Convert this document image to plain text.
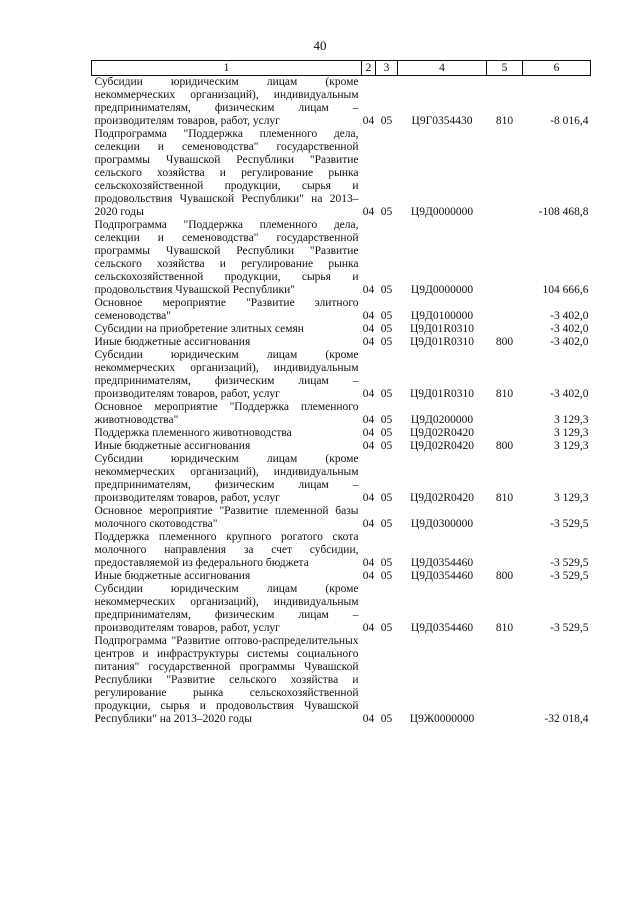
40
1	2	3	4	5	6
Субсидии юридическим лицам (кроме некоммерческих организаций), индивидуальным предпринимателям, физическим лицам – производителям товаров, работ, услуг	04	05	Ц9Г0354430	810	-8 016,4
Подпрограмма "Поддержка племенного дела, селекции и семеноводства" государственной программы Чувашской Республики "Развитие сельского хозяйства и регулирование рынка сельскохозяйственной продукции, сырья и продовольствия Чувашской Республики" на 2013–2020 годы	04	05	Ц9Д0000000		-108 468,8
Подпрограмма "Поддержка племенного дела, селекции и семеноводства" государственной программы Чувашской Республики "Развитие сельского хозяйства и регулирование рынка сельскохозяйственной продукции, сырья и продовольствия Чувашской Республики"	04	05	Ц9Д0000000		104 666,6
Основное мероприятие "Развитие элитного семеноводства"	04	05	Ц9Д0100000		-3 402,0
Субсидии на приобретение элитных семян	04	05	Ц9Д01R0310		-3 402,0
Иные бюджетные ассигнования	04	05	Ц9Д01R0310	800	-3 402,0
Субсидии юридическим лицам (кроме некоммерческих организаций), индивидуальным предпринимателям, физическим лицам – производителям товаров, работ, услуг	04	05	Ц9Д01R0310	810	-3 402,0
Основное мероприятие "Поддержка племенного животноводства"	04	05	Ц9Д0200000		3 129,3
Поддержка племенного животноводства	04	05	Ц9Д02R0420		3 129,3
Иные бюджетные ассигнования	04	05	Ц9Д02R0420	800	3 129,3
Субсидии юридическим лицам (кроме некоммерческих организаций), индивидуальным предпринимателям, физическим лицам – производителям товаров, работ, услуг	04	05	Ц9Д02R0420	810	3 129,3
Основное мероприятие "Развитие племенной базы молочного скотоводства"	04	05	Ц9Д0300000		-3 529,5
Поддержка племенного крупного рогатого скота молочного направления за счет субсидии, предоставляемой из федерального бюджета	04	05	Ц9Д0354460		-3 529,5
Иные бюджетные ассигнования	04	05	Ц9Д0354460	800	-3 529,5
Субсидии юридическим лицам (кроме некоммерческих организаций), индивидуальным предпринимателям, физическим лицам – производителям товаров, работ, услуг	04	05	Ц9Д0354460	810	-3 529,5
Подпрограмма "Развитие оптово-распределительных центров и инфраструктуры системы социального питания" государственной программы Чувашской Республики "Развитие сельского хозяйства и регулирование рынка сельскохозяйственной продукции, сырья и продовольствия Чувашской Республики" на 2013–2020 годы	04	05	Ц9Ж0000000		-32 018,4
